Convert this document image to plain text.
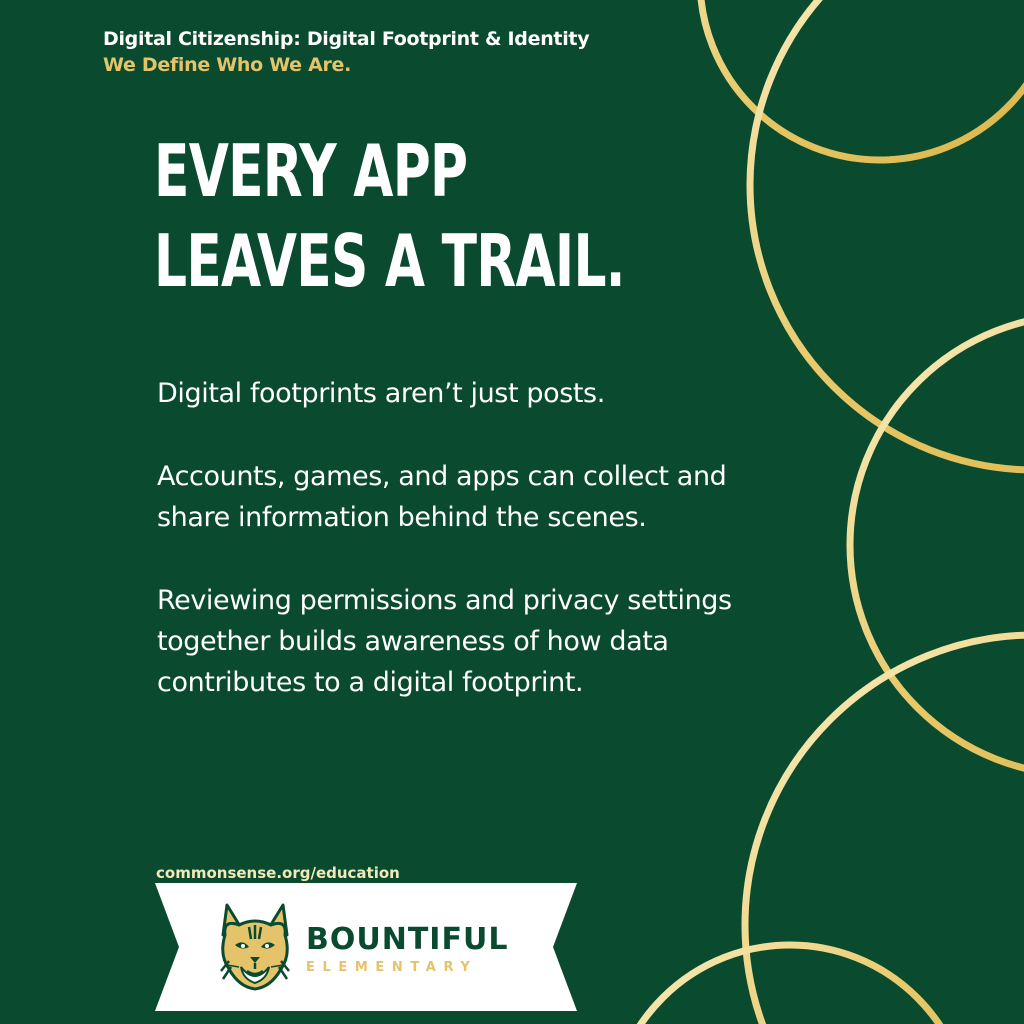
Digital Citizenship: Digital Footprint & Identity
We Define Who We Are.
EVERY APP
LEAVES A TRAIL.

Digital footprints aren’t just posts.

Accounts, games, and apps can collect and share information behind the scenes.

Reviewing permissions and privacy settings together builds awareness of how data contributes to a digital footprint.

commonsense.org/education
BOUNTIFUL
ELEMENTARY
